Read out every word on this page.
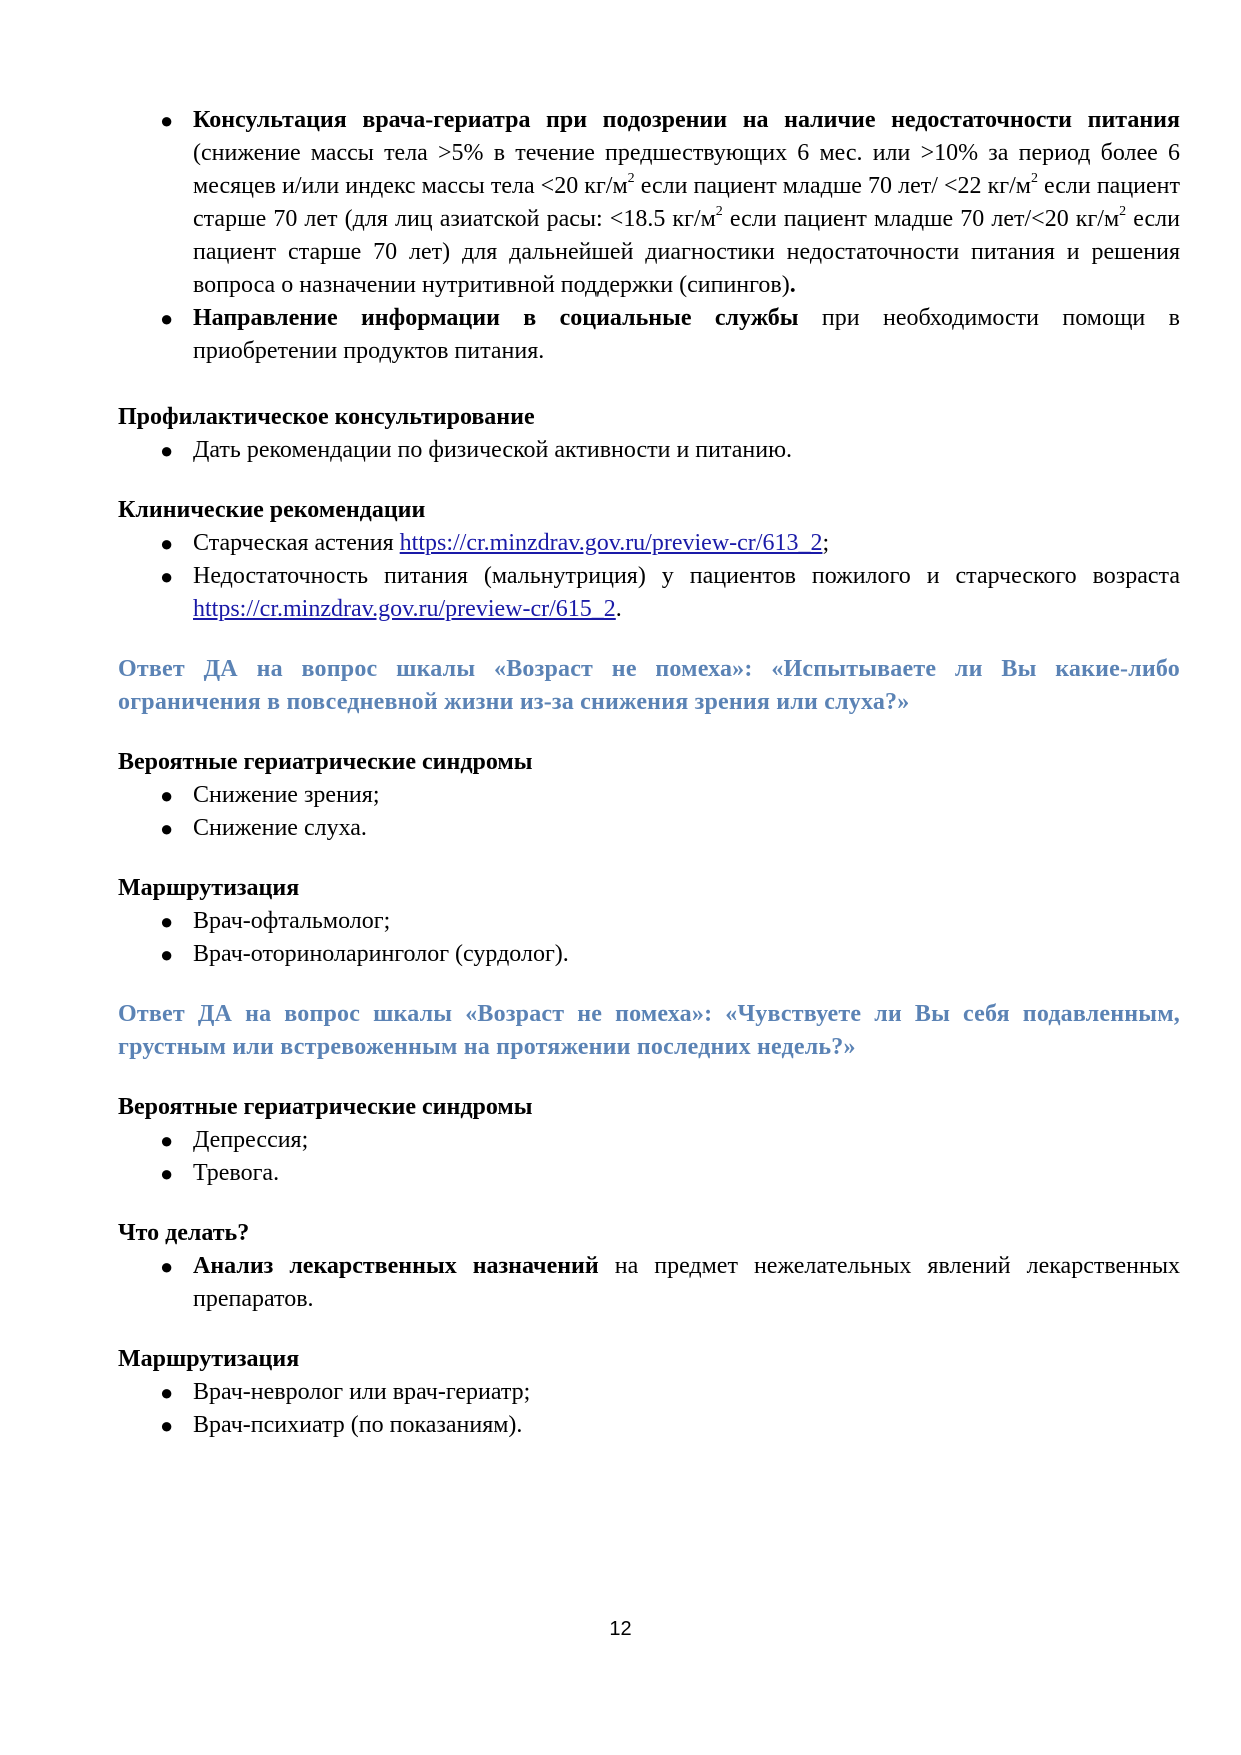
● Консультация врача-гериатра при подозрении на наличие недостаточности питания (снижение массы тела >5% в течение предшествующих 6 мес. или >10% за период более 6 месяцев и/или индекс массы тела <20 $кг/м^2$ если пациент младше 70 лет/ <22 $кг/м^2$ если пациент старше 70 лет (для лиц азиатской расы: <18.5 $кг/м^2$ если пациент младше 70 лет/<20 $кг/м^2$ если пациент старше 70 лет) для дальнейшей диагностики недостаточности питания и решения вопроса о назначении нутритивной поддержки (сипингов).
● Направление информации в социальные службы при необходимости помощи в приобретении продуктов питания.
Профилактическое консультирование
● Дать рекомендации по физической активности и питанию.
Клинические рекомендации
● Старческая астения https://cr.minzdrav.gov.ru/preview-cr/613_2;
● Недостаточность питания (мальнутриция) у пациентов пожилого и старческого возраста https://cr.minzdrav.gov.ru/preview-cr/615_2.
Ответ ДА на вопрос шкалы «Возраст не помеха»: «Испытываете ли Вы какие-либо ограничения в повседневной жизни из-за снижения зрения или слуха?»
Вероятные гериатрические синдромы
● Снижение зрения;
● Снижение слуха.
Маршрутизация
● Врач-офтальмолог;
● Врач-оториноларинголог (сурдолог).
Ответ ДА на вопрос шкалы «Возраст не помеха»: «Чувствуете ли Вы себя подавленным, грустным или встревоженным на протяжении последних недель?»
Вероятные гериатрические синдромы
● Депрессия;
● Тревога.
Что делать?
● Анализ лекарственных назначений на предмет нежелательных явлений лекарственных препаратов.
Маршрутизация
● Врач-невролог или врач-гериатр;
● Врач-психиатр (по показаниям).
12
